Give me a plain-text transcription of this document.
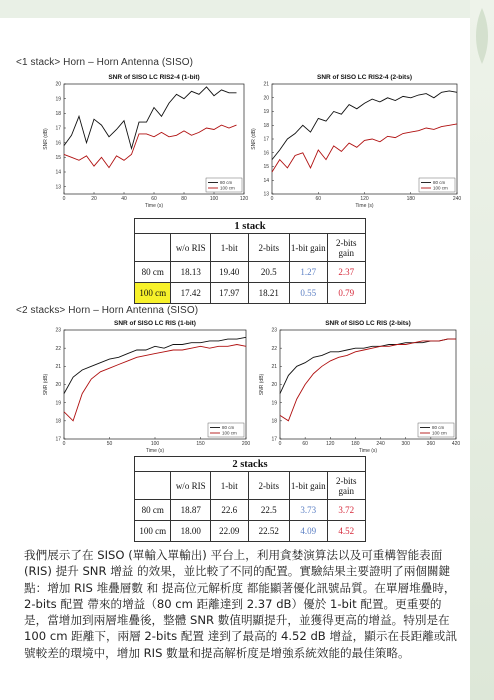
<1 stack> Horn – Horn Antenna (SISO)
SNR of SISO LC RIS2-4 (1-bit)
13
14
15
16
17
18
19
20
0	20	40	60	80	100	120
Time (s)
SNR (dB)
80 cm
100 cm
SNR of SISO LC RIS2-4 (2-bits)
13
14
15
16
17
18
19
20
21
0	60	120	180	240
Time (s)
SNR (dB)
80 cm
100 cm
1 stack					
	w/o RIS	1-bit	2-bits	1-bit gain	2-bits gain
80 cm	18.13	19.40	20.5	1.27	2.37
100 cm	17.42	17.97	18.21	0.55	0.79
<2 stacks> Horn – Horn Antenna (SISO)
SNR of SISO LC RIS (1-bit)
17
18
19
20
21
22
23
0	50	100	150	200
Time (s)
SNR (dB)
80 cm
100 cm
SNR of SISO LC RIS (2-bits)
17
18
19
20
21
22
23
0	60	120	180	240	300	360	420
Time (s)
SNR (dB)
80 cm
100 cm
2 stacks					
	w/o RIS	1-bit	2-bits	1-bit gain	2-bits gain
80 cm	18.87	22.6	22.5	3.73	3.72
100 cm	18.00	22.09	22.52	4.09	4.52
我們展示了在 SISO (單輸入單輸出) 平台上，利用貪婪演算法以及可重構智能表面 (RIS) 提升 SNR 增益 的效果，並比較了不同的配置。實驗結果主要證明了兩個關鍵點：增加 RIS 堆疊層數 和 提高位元解析度 都能顯著優化訊號品質。在單層堆疊時，2-bits 配置 帶來的增益（80 cm 距離達到 2.37 dB）優於 1-bit 配置。更重要的是，當增加到兩層堆疊後，整體 SNR 數值明顯提升，並獲得更高的增益。特別是在 100 cm 距離下，兩層 2-bits 配置 達到了最高的 4.52 dB 增益，顯示在長距離或訊號較差的環境中，增加 RIS 數量和提高解析度是增強系統效能的最佳策略。
